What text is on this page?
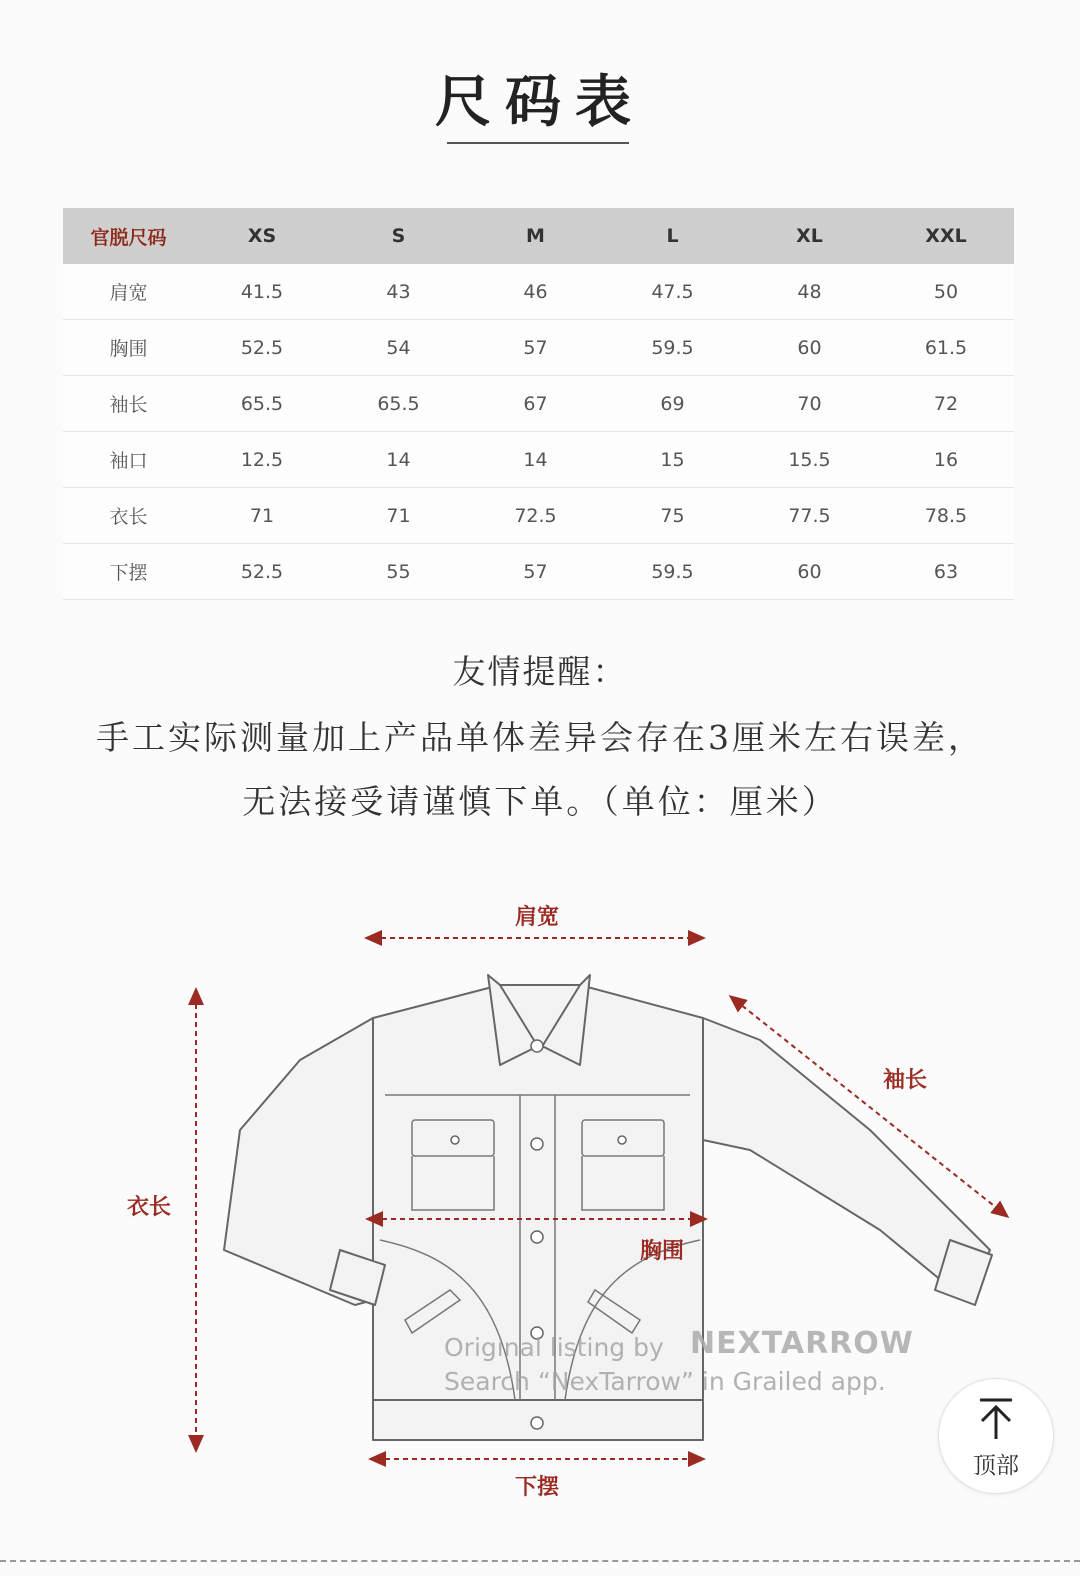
尺码表
官脱尺码	XS	S	M	L	XL	XXL
肩宽	41.5	43	46	47.5	48	50
胸围	52.5	54	57	59.5	60	61.5
袖长	65.5	65.5	67	69	70	72
袖口	12.5	14	14	15	15.5	16
衣长	71	71	72.5	75	77.5	78.5
下摆	52.5	55	57	59.5	60	63
友情提醒：
手工实际测量加上产品单体差异会存在3厘米左右误差，
无法接受请谨慎下单。（单位：厘米）
肩宽
袖长
衣长
胸围
下摆
Original listing by NEXTARROW
Search “NexTarrow” in Grailed app.
顶部
